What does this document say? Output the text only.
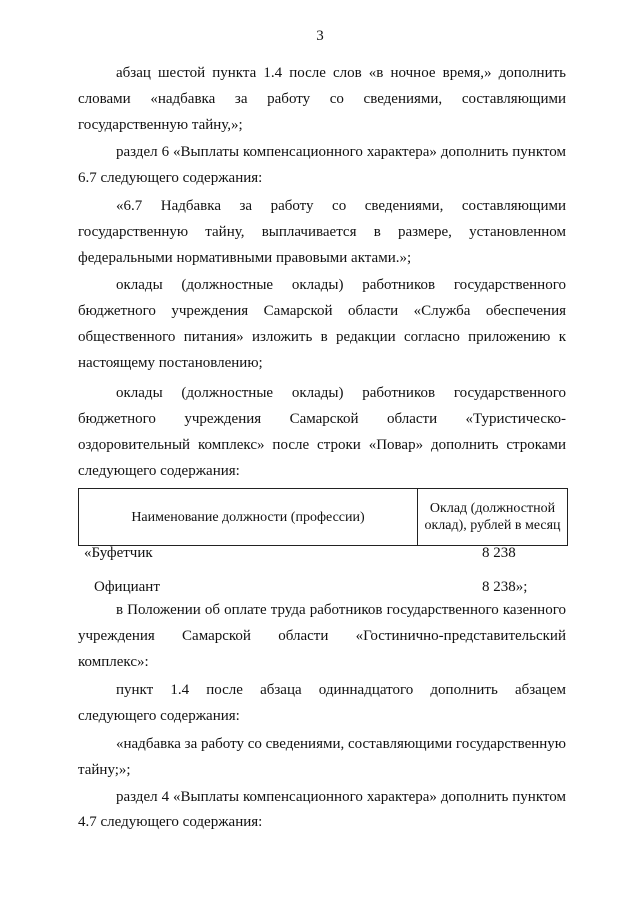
3

абзац шестой пункта 1.4 после слов «в ночное время,» дополнить словами «надбавка за работу со сведениями, составляющими государственную тайну,»;

раздел 6 «Выплаты компенсационного характера» дополнить пунктом 6.7 следующего содержания:

«6.7 Надбавка за работу со сведениями, составляющими государственную тайну, выплачивается в размере, установленном федеральными нормативными правовыми актами.»;

оклады (должностные оклады) работников государственного бюджетного учреждения Самарской области «Служба обеспечения общественного питания» изложить в редакции согласно приложению к настоящему постановлению;

оклады (должностные оклады) работников государственного бюджетного учреждения Самарской области «Туристическо-оздоровительный комплекс» после строки «Повар» дополнить строками следующего содержания:

Наименование должности (профессии)	Оклад (должностной оклад), рублей в месяц
«Буфетчик	8 238
Официант	8 238»;

в Положении об оплате труда работников государственного казенного учреждения Самарской области «Гостинично-представительский комплекс»:

пункт 1.4 после абзаца одиннадцатого дополнить абзацем следующего содержания:

«надбавка за работу со сведениями, составляющими государственную тайну;»;

раздел 4 «Выплаты компенсационного характера» дополнить пунктом 4.7 следующего содержания:
